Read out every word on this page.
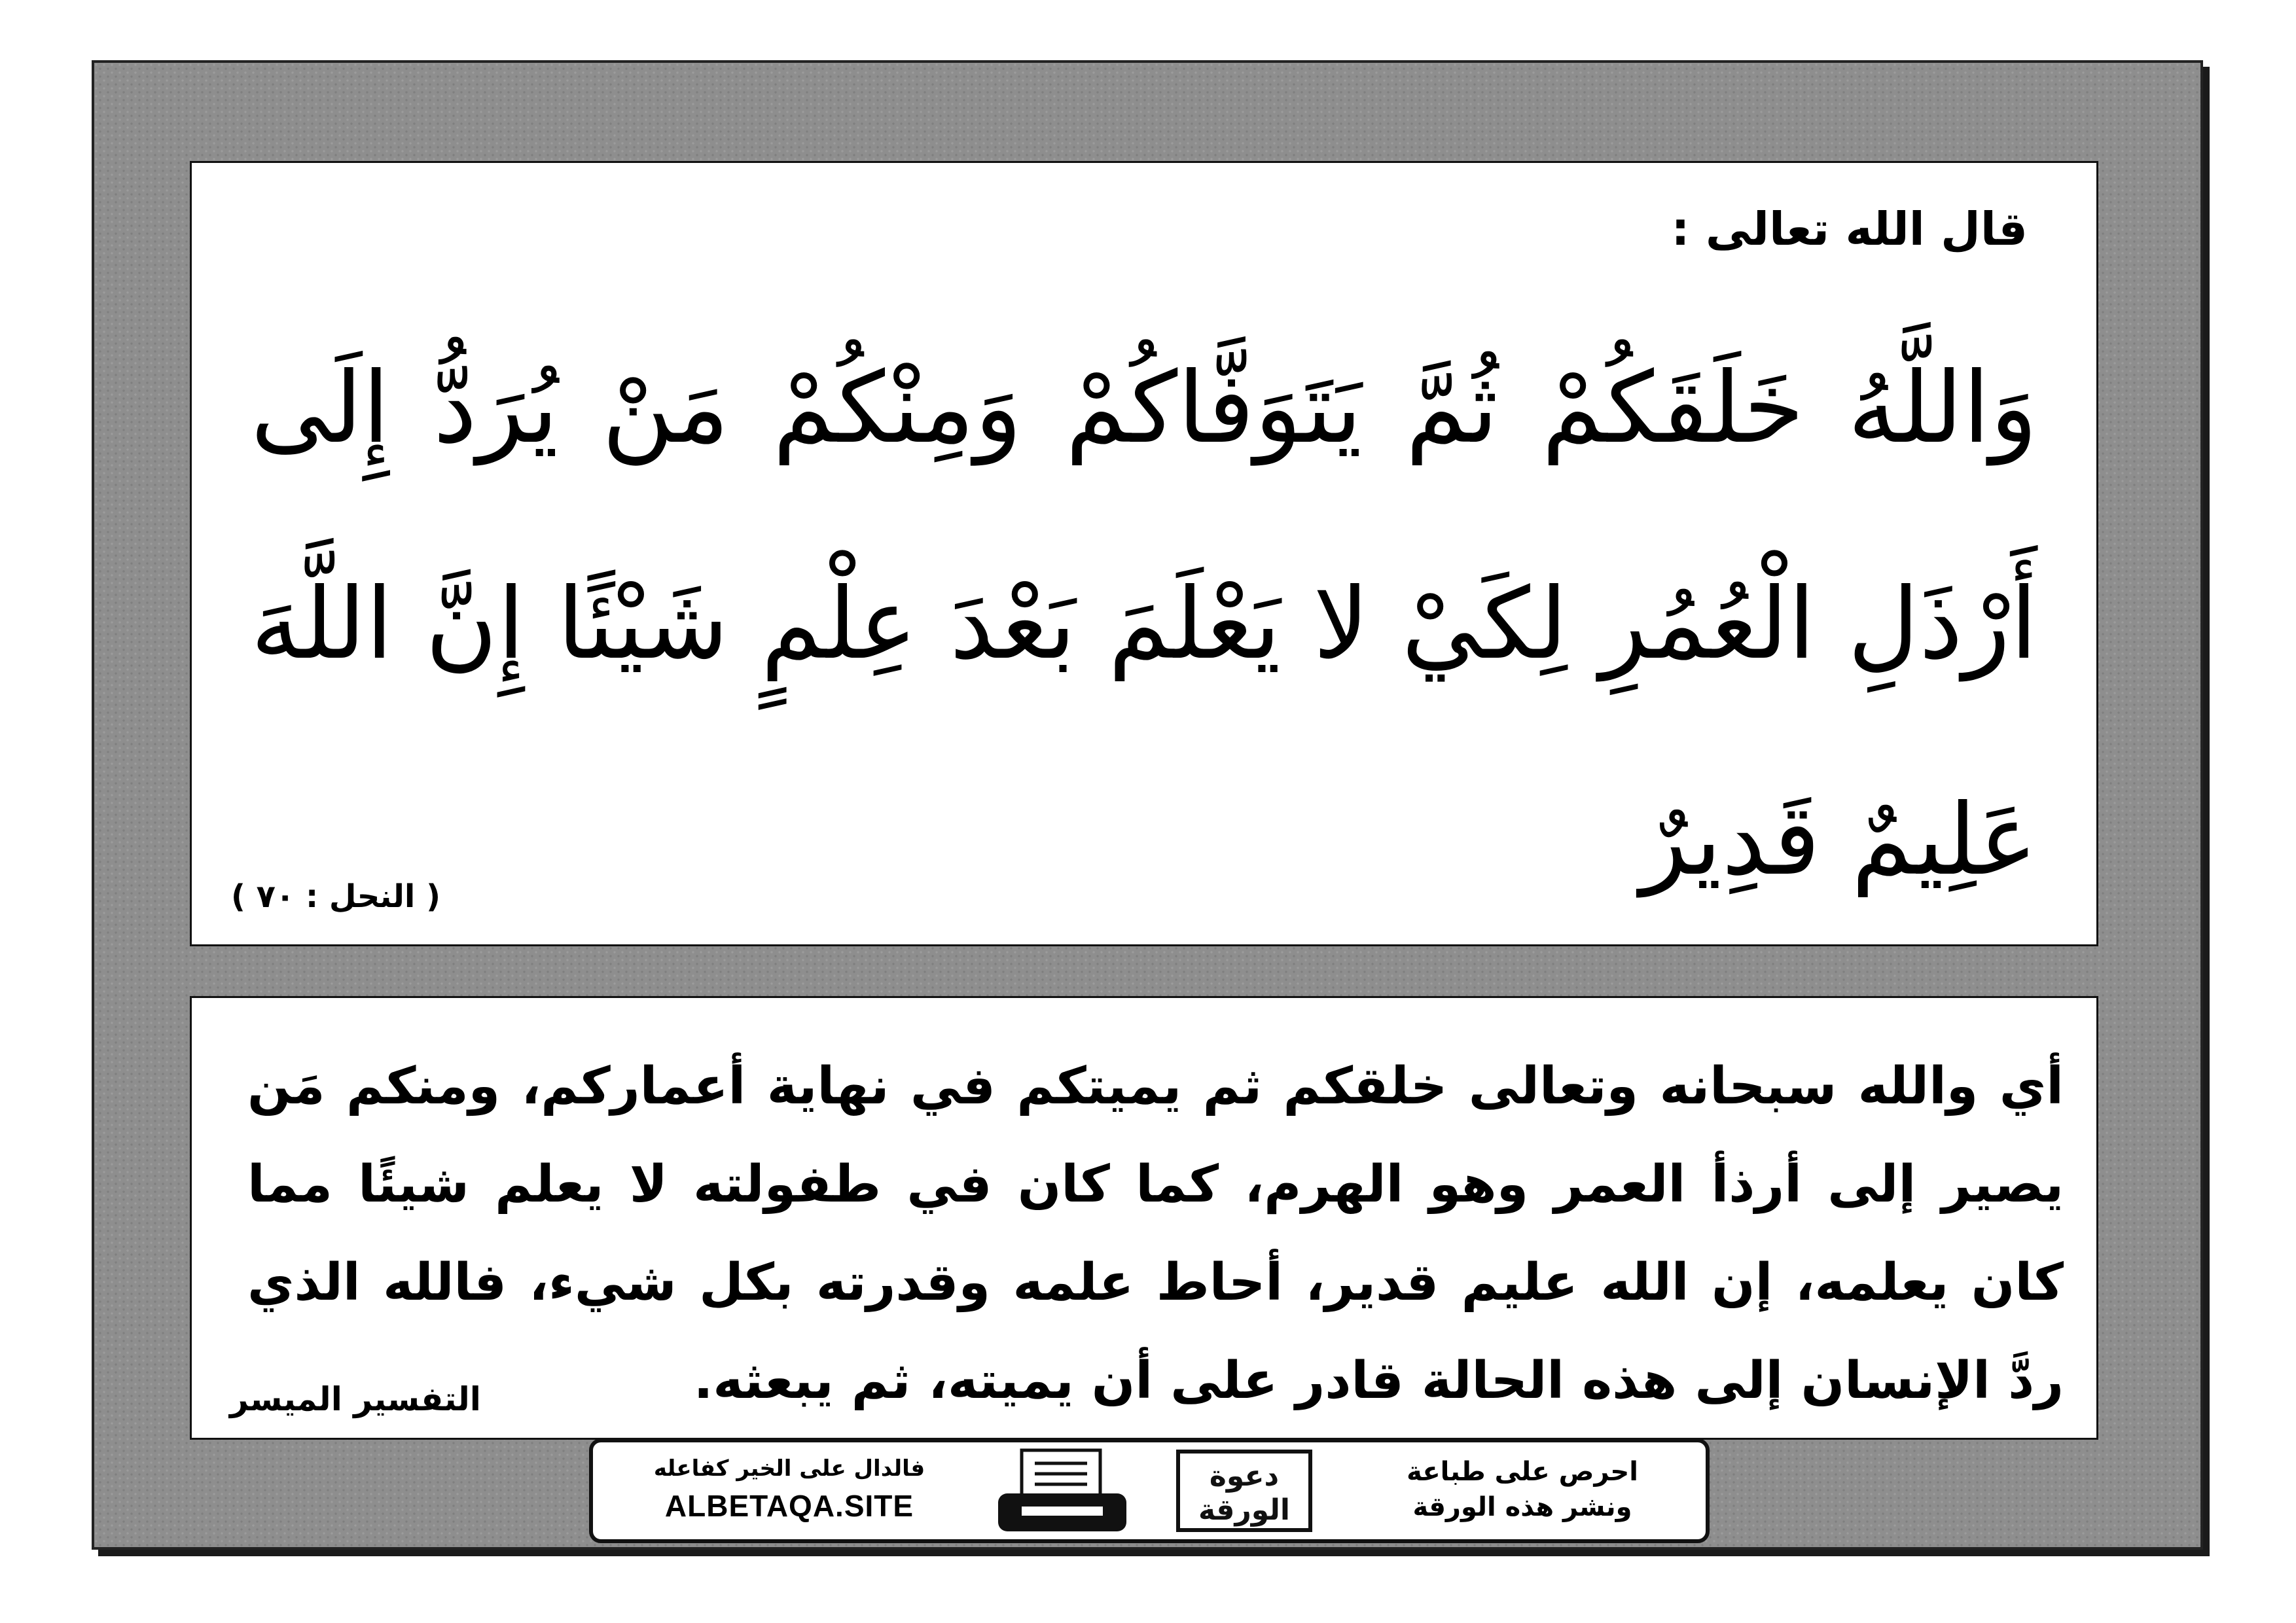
قال الله تعالى :
وَاللَّهُ خَلَقَكُمْ ثُمَّ يَتَوَفَّاكُمْ وَمِنْكُمْ مَنْ يُرَدُّ إِلَى أَرْذَلِ الْعُمُرِ لِكَيْ لا يَعْلَمَ بَعْدَ عِلْمٍ شَيْئًا إِنَّ اللَّهَ عَلِيمٌ قَدِيرٌ
( النحل : ٧٠ )
أي والله سبحانه وتعالى خلقكم ثم يميتكم في نهاية أعماركم، ومنكم مَن يصير إلى أرذأ العمر وهو الهرم، كما كان في طفولته لا يعلم شيئًا مما كان يعلمه، إن الله عليم قدير، أحاط علمه وقدرته بكل شيء، فالله الذي ردَّ الإنسان إلى هذه الحالة قادر على أن يميته، ثم يبعثه.
التفسير الميسر
فالدال على الخير كفاعله
ALBETAQA.SITE
دعوة
الورقة
احرص على طباعة
ونشر هذه الورقة
